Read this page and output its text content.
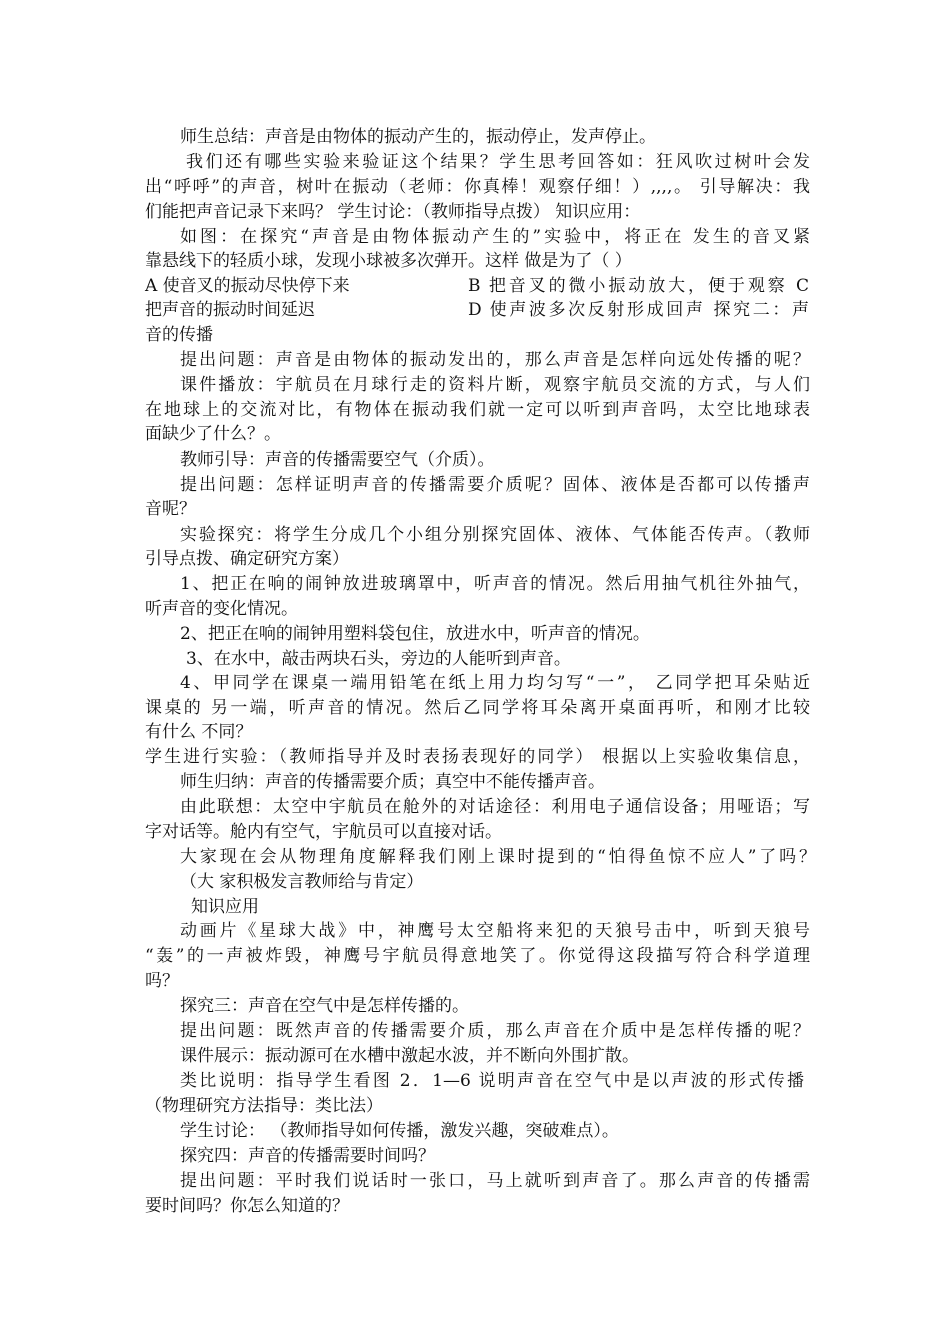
师生总结：声音是由物体的振动产生的，振动停止，发声停止。

我们还有哪些实验来验证这个结果？学生思考回答如：狂风吹过树叶会发

出“呼呼”的声音，树叶在振动（老师：你真棒！观察仔细！）,,,,。 引导解决：我

们能把声音记录下来吗？ 学生讨论：（教师指导点拨） 知识应用：

如图：在探究“声音是由物体振动产生的”实验中，将正在 发生的音叉紧

靠悬线下的轻质小球，发现小球被多次弹开。这样 做是为了（ ）

A 使音叉的振动尽快停下来	B 把音叉的微小振动放大，便于观察 C

把声音的振动时间延迟	D 使声波多次反射形成回声 探究二：声

音的传播

提出问题：声音是由物体的振动发出的，那么声音是怎样向远处传播的呢？

课件播放：宇航员在月球行走的资料片断，观察宇航员交流的方式，与人们

在地球上的交流对比，有物体在振动我们就一定可以听到声音吗，太空比地球表

面缺少了什么？。

教师引导：声音的传播需要空气（介质）。

提出问题：怎样证明声音的传播需要介质呢？固体、液体是否都可以传播声

音呢？

实验探究：将学生分成几个小组分别探究固体、液体、气体能否传声。（教师

引导点拨、确定研究方案）

1、把正在响的闹钟放进玻璃罩中，听声音的情况。然后用抽气机往外抽气，

听声音的变化情况。

2、把正在响的闹钟用塑料袋包住，放进水中，听声音的情况。

3、在水中，敲击两块石头，旁边的人能听到声音。

4、甲同学在课桌一端用铅笔在纸上用力均匀写“一”， 乙同学把耳朵贴近

课桌的 另一端，听声音的情况。然后乙同学将耳朵离开桌面再听，和刚才比较

有什么 不同？

学生进行实验：（教师指导并及时表扬表现好的同学） 根据以上实验收集信息，

师生归纳：声音的传播需要介质；真空中不能传播声音。

由此联想：太空中宇航员在舱外的对话途径：利用电子通信设备；用哑语；写

字对话等。舱内有空气，宇航员可以直接对话。

大家现在会从物理角度解释我们刚上课时提到的“怕得鱼惊不应人”了吗？

（大 家积极发言教师给与肯定）

知识应用

动画片《星球大战》中，神鹰号太空船将来犯的天狼号击中，听到天狼号

“轰”的一声被炸毁，神鹰号宇航员得意地笑了。你觉得这段描写符合科学道理

吗？

探究三：声音在空气中是怎样传播的。

提出问题：既然声音的传播需要介质，那么声音在介质中是怎样传播的呢？

课件展示：振动源可在水槽中激起水波，并不断向外围扩散。

类比说明：指导学生看图 2．1—6 说明声音在空气中是以声波的形式传播

（物理研究方法指导：类比法）

学生讨论： （教师指导如何传播，激发兴趣，突破难点）。

探究四：声音的传播需要时间吗？

提出问题：平时我们说话时一张口，马上就听到声音了。那么声音的传播需

要时间吗？你怎么知道的？
